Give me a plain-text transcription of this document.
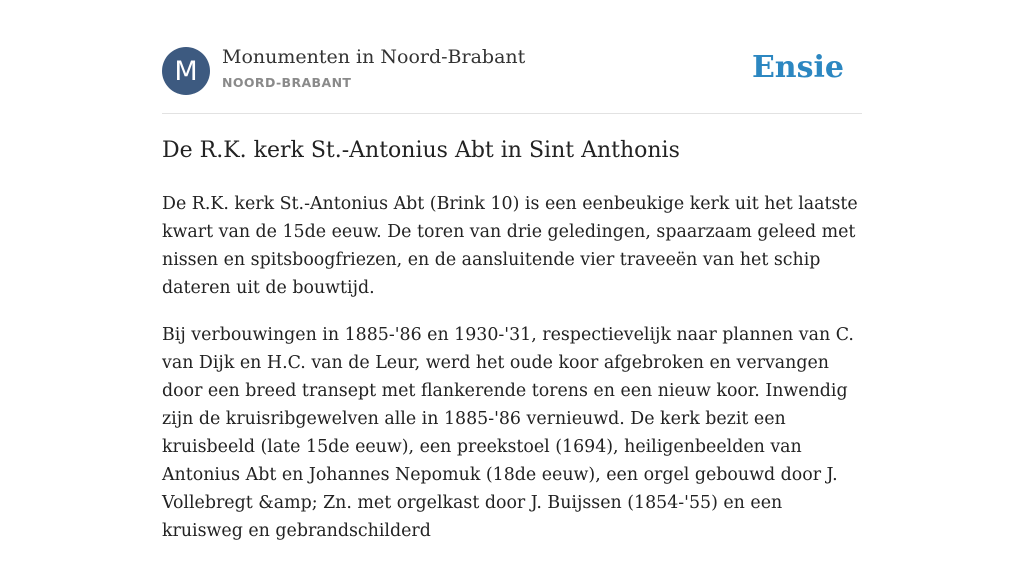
M	Monumenten in Noord-Brabant
NOORD-BRABANT	Ensie
De R.K. kerk St.-Antonius Abt in Sint Anthonis

De R.K. kerk St.-Antonius Abt (Brink 10) is een eenbeukige kerk uit het laatste kwart van de 15de eeuw. De toren van drie geledingen, spaarzaam geleed met nissen en spitsboogfriezen, en de aansluitende vier traveeën van het schip dateren uit de bouwtijd.

Bij verbouwingen in 1885-'86 en 1930-'31, respectievelijk naar plannen van C. van Dijk en H.C. van de Leur, werd het oude koor afgebroken en vervangen door een breed transept met flankerende torens en een nieuw koor. Inwendig zijn de kruisribgewelven alle in 1885-'86 vernieuwd. De kerk bezit een kruisbeeld (late 15de eeuw), een preekstoel (1694), heiligenbeelden van Antonius Abt en Johannes Nepomuk (18de eeuw), een orgel gebouwd door J. Vollebregt &amp; Zn. met orgelkast door J. Buijssen (1854-'55) en een kruisweg en gebrandschilderd
